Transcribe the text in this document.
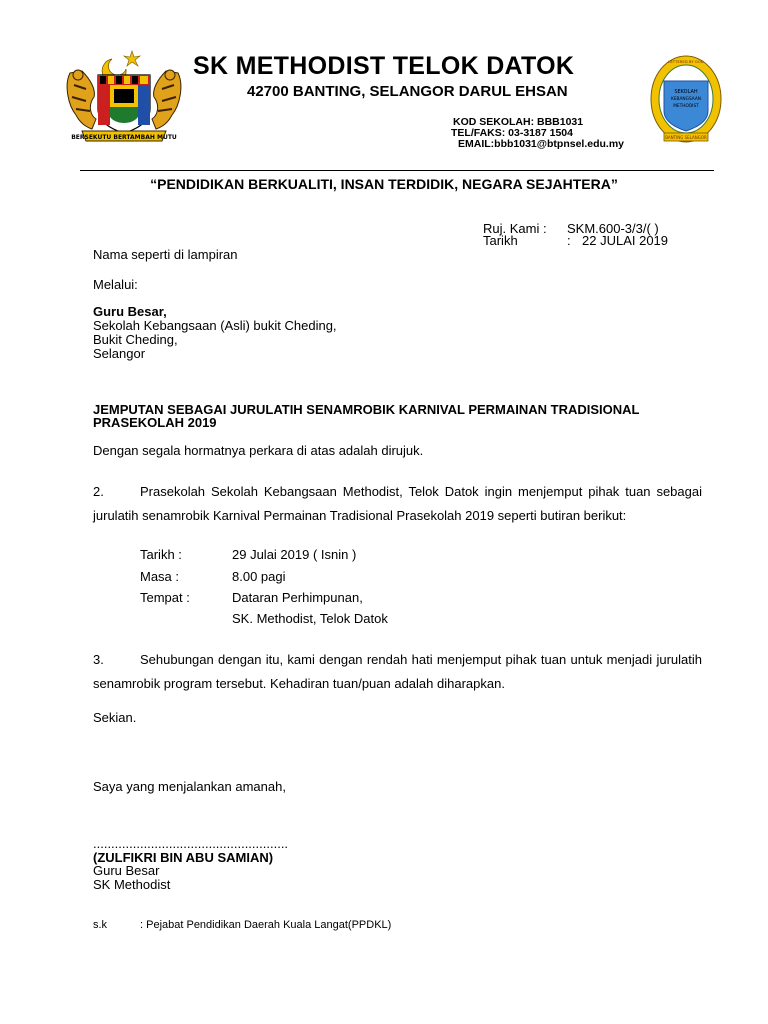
BERSEKUTU BERTAMBAH MUTU
LETTERED BY GOD
SEKOLAH
KEBANGSAAN
METHODIST
BANTING SELANGOR
SK METHODIST TELOK DATOK
42700 BANTING, SELANGOR DARUL EHSAN
KOD SEKOLAH: BBB1031
TEL/FAKS: 03-3187 1504
EMAIL:bbb1031@btpnsel.edu.my
“PENDIDIKAN BERKUALITI, INSAN TERDIDIK, NEGARA SEJAHTERA”
Ruj. Kami : SKM.600-3/3/( )
Tarikh	: 22 JULAI 2019
Nama seperti di lampiran
Melalui:
Guru Besar,
Sekolah Kebangsaan (Asli) bukit Cheding,
Bukit Cheding,
Selangor
JEMPUTAN SEBAGAI JURULATIH SENAMROBIK KARNIVAL PERMAINAN TRADISIONAL
PRASEKOLAH 2019
Dengan segala hormatnya perkara di atas adalah dirujuk.
2.	Prasekolah Sekolah Kebangsaan Methodist, Telok Datok ingin menjemput pihak tuan sebagai jurulatih senamrobik Karnival Permainan Tradisional Prasekolah 2019 seperti butiran berikut:
Tarikh :	29 Julai 2019 ( Isnin )
Masa :	8.00 pagi
Tempat :	Dataran Perhimpunan,
SK. Methodist, Telok Datok
3.	Sehubungan dengan itu, kami dengan rendah hati menjemput pihak tuan untuk menjadi jurulatih senamrobik program tersebut. Kehadiran tuan/puan adalah diharapkan.
Sekian.
Saya yang menjalankan amanah,
......................................................
(ZULFIKRI BIN ABU SAMIAN)
Guru Besar
SK Methodist
s.k	: Pejabat Pendidikan Daerah Kuala Langat(PPDKL)
